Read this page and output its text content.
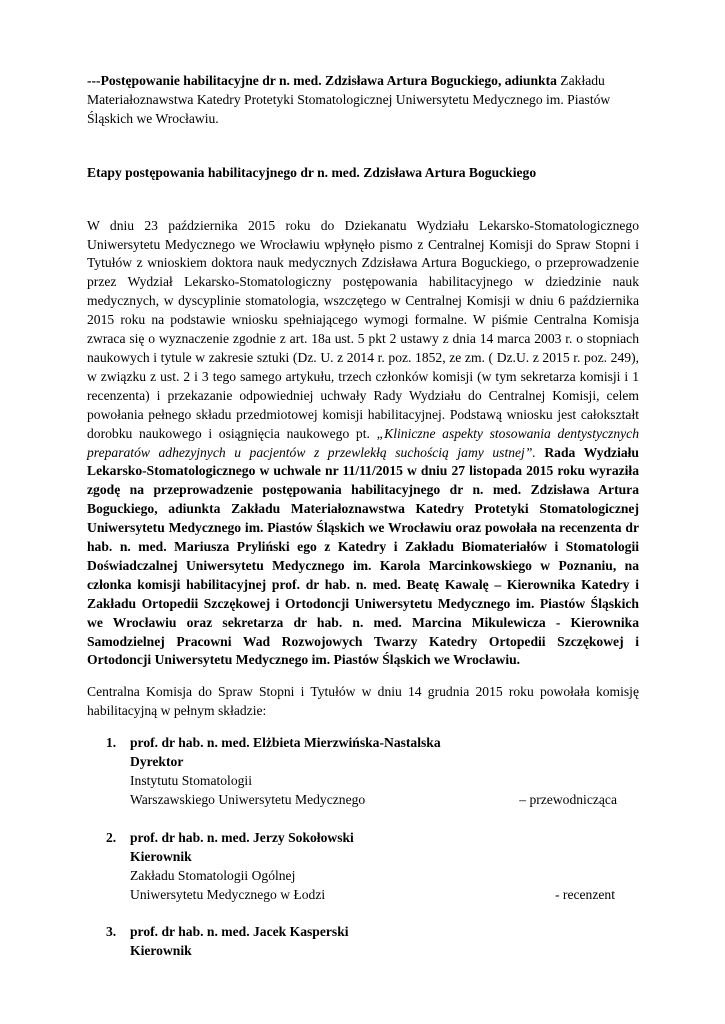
---Postępowanie habilitacyjne dr n. med. Zdzisława Artura Boguckiego, adiunkta Zakładu Materiałoznawstwa Katedry Protetyki Stomatologicznej Uniwersytetu Medycznego im. Piastów Śląskich we Wrocławiu.

Etapy postępowania habilitacyjnego dr n. med. Zdzisława Artura Boguckiego

W dniu 23 października 2015 roku do Dziekanatu Wydziału Lekarsko-Stomatologicznego Uniwersytetu Medycznego we Wrocławiu wpłynęło pismo z Centralnej Komisji do Spraw Stopni i Tytułów z wnioskiem doktora nauk medycznych Zdzisława Artura Boguckiego, o przeprowadzenie przez Wydział Lekarsko-Stomatologiczny postępowania habilitacyjnego w dziedzinie nauk medycznych, w dyscyplinie stomatologia, wszczętego w Centralnej Komisji w dniu 6 października 2015 roku na podstawie wniosku spełniającego wymogi formalne. W piśmie Centralna Komisja zwraca się o wyznaczenie zgodnie z art. 18a ust. 5 pkt 2 ustawy z dnia 14 marca 2003 r. o stopniach naukowych i tytule w zakresie sztuki (Dz. U. z 2014 r. poz. 1852, ze zm. ( Dz.U. z 2015 r. poz. 249), w związku z ust. 2 i 3 tego samego artykułu, trzech członków komisji (w tym sekretarza komisji i 1 recenzenta) i przekazanie odpowiedniej uchwały Rady Wydziału do Centralnej Komisji, celem powołania pełnego składu przedmiotowej komisji habilitacyjnej. Podstawą wniosku jest całokształt dorobku naukowego i osiągnięcia naukowego pt. „Kliniczne aspekty stosowania dentystycznych preparatów adhezyjnych u pacjentów z przewlekłą suchością jamy ustnej”. Rada Wydziału Lekarsko-Stomatologicznego w uchwale nr 11/11/2015 w dniu 27 listopada 2015 roku wyraziła zgodę na przeprowadzenie postępowania habilitacyjnego dr n. med. Zdzisława Artura Boguckiego, adiunkta Zakładu Materiałoznawstwa Katedry Protetyki Stomatologicznej Uniwersytetu Medycznego im. Piastów Śląskich we Wrocławiu oraz powołała na recenzenta dr hab. n. med. Mariusza Pryliński ego z Katedry i Zakładu Biomateriałów i Stomatologii Doświadczalnej Uniwersytetu Medycznego im. Karola Marcinkowskiego w Poznaniu, na członka komisji habilitacyjnej prof. dr hab. n. med. Beatę Kawalę – Kierownika Katedry i Zakładu Ortopedii Szczękowej i Ortodoncji Uniwersytetu Medycznego im. Piastów Śląskich we Wrocławiu oraz sekretarza dr hab. n. med. Marcina Mikulewicza - Kierownika Samodzielnej Pracowni Wad Rozwojowych Twarzy Katedry Ortopedii Szczękowej i Ortodoncji Uniwersytetu Medycznego im. Piastów Śląskich we Wrocławiu.

Centralna Komisja do Spraw Stopni i Tytułów w dniu 14 grudnia 2015 roku powołała komisję habilitacyjną w pełnym składzie:

1. prof. dr hab. n. med. Elżbieta Mierzwińska-Nastalska
Dyrektor
Instytutu Stomatologii
Warszawskiego Uniwersytetu Medycznego	– przewodnicząca
2. prof. dr hab. n. med. Jerzy Sokołowski
Kierownik
Zakładu Stomatologii Ogólnej
Uniwersytetu Medycznego w Łodzi	- recenzent
3. prof. dr hab. n. med. Jacek Kasperski
Kierownik
